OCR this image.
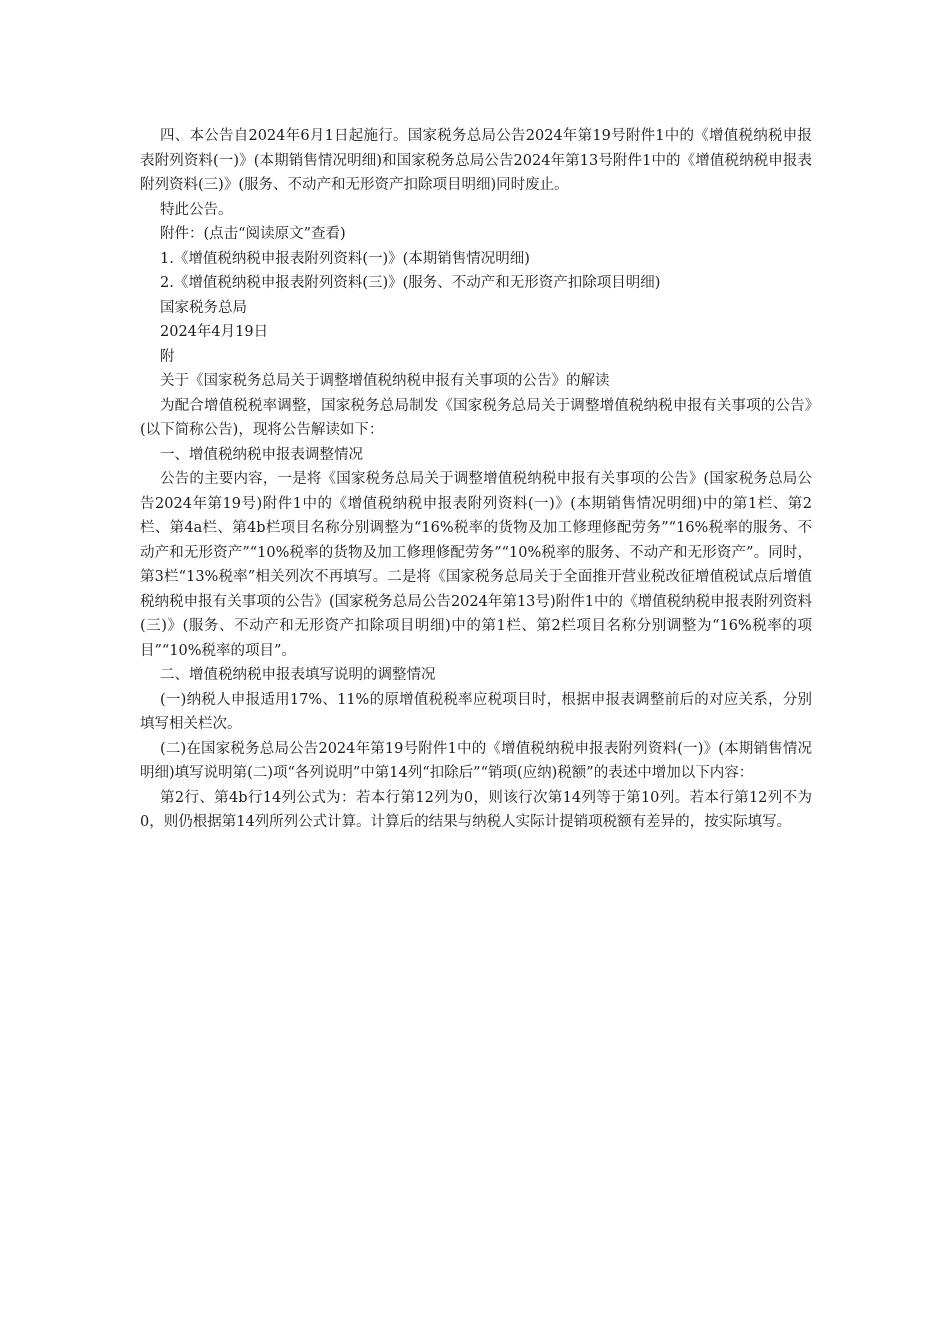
四、本公告自2024年6月1日起施行。国家税务总局公告2024年第19号附件1中的《增值税纳税申报表附列资料(一)》(本期销售情况明细)和国家税务总局公告2024年第13号附件1中的《增值税纳税申报表附列资料(三)》(服务、不动产和无形资产扣除项目明细)同时废止。

特此公告。

附件：(点击“阅读原文”查看)

1.《增值税纳税申报表附列资料(一)》(本期销售情况明细)

2.《增值税纳税申报表附列资料(三)》(服务、不动产和无形资产扣除项目明细)

国家税务总局

2024年4月19日

附

关于《国家税务总局关于调整增值税纳税申报有关事项的公告》的解读

为配合增值税税率调整，国家税务总局制发《国家税务总局关于调整增值税纳税申报有关事项的公告》(以下简称公告)，现将公告解读如下：

一、增值税纳税申报表调整情况

公告的主要内容，一是将《国家税务总局关于调整增值税纳税申报有关事项的公告》(国家税务总局公告2024年第19号)附件1中的《增值税纳税申报表附列资料(一)》(本期销售情况明细)中的第1栏、第2栏、第4a栏、第4b栏项目名称分别调整为“16%税率的货物及加工修理修配劳务”“16%税率的服务、不动产和无形资产”“10%税率的货物及加工修理修配劳务”“10%税率的服务、不动产和无形资产”。同时，第3栏“13%税率”相关列次不再填写。二是将《国家税务总局关于全面推开营业税改征增值税试点后增值税纳税申报有关事项的公告》(国家税务总局公告2024年第13号)附件1中的《增值税纳税申报表附列资料(三)》(服务、不动产和无形资产扣除项目明细)中的第1栏、第2栏项目名称分别调整为“16%税率的项目”“10%税率的项目”。

二、增值税纳税申报表填写说明的调整情况

(一)纳税人申报适用17%、11%的原增值税税率应税项目时，根据申报表调整前后的对应关系，分别填写相关栏次。

(二)在国家税务总局公告2024年第19号附件1中的《增值税纳税申报表附列资料(一)》(本期销售情况明细)填写说明第(二)项“各列说明”中第14列“扣除后”“销项(应纳)税额”的表述中增加以下内容：

第2行、第4b行14列公式为：若本行第12列为0，则该行次第14列等于第10列。若本行第12列不为0，则仍根据第14列所列公式计算。计算后的结果与纳税人实际计提销项税额有差异的，按实际填写。
